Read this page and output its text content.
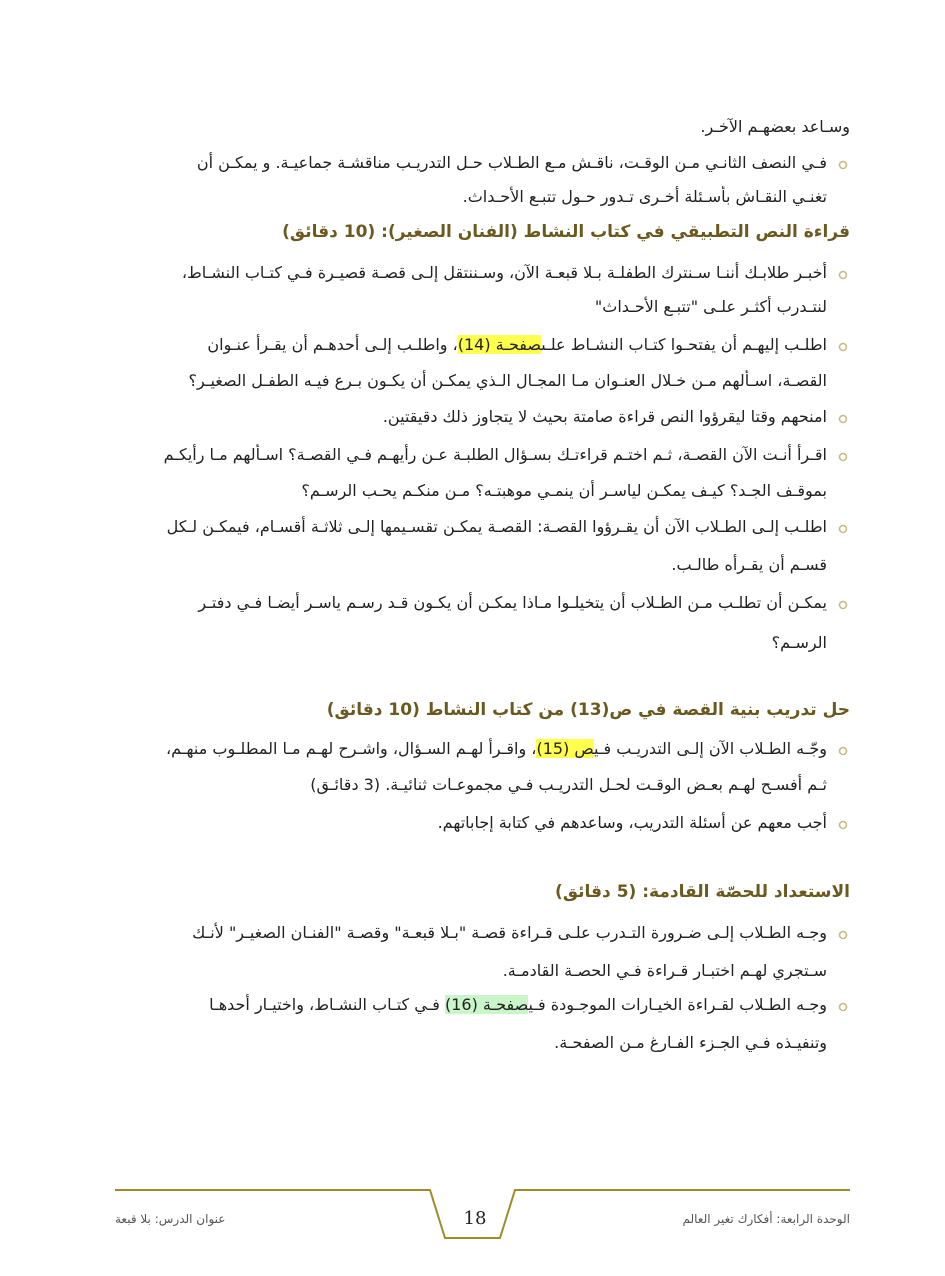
وسـاعد بعضهـم الآخـر.
فـي النصف الثانـي مـن الوقـت، ناقـش مـع الطـلاب حـل التدريـب مناقشـة جماعيـة. و يمكـن أن
تغنـي النقـاش بأسـئلة أخـرى تـدور حـول تتبـع الأحـداث.
قراءة النص التطبيقي في كتاب النشاط (الفنان الصغير): (10 دقائق)
أخبـر طلابـك أننـا سـنترك الطفلـة بـلا قبعـة الآن، وسـننتقل إلـى قصـة قصيـرة فـي كتـاب النشـاط،
لنتـدرب أكثـر علـى "تتبـع الأحـداث"
اطلـب إليهـم أن يفتحـوا كتـاب النشـاط علـىصفحـة (14)، واطلـب إلـى أحدهـم أن يقـرأ عنـوان
القصـة، اسـألهم مـن خـلال العنـوان مـا المجـال الـذي يمكـن أن يكـون بـرع فيـه الطفـل الصغيـر؟
امنحهم وقتا ليقرؤوا النص قراءة صامتة بحيث لا يتجاوز ذلك دقيقتين.
اقـرأ أنـت الآن القصـة، ثـم اختـم قراءتـك بسـؤال الطلبـة عـن رأيهـم فـي القصـة؟ اسـألهم مـا رأيكـم
بموقـف الجـد؟ كيـف يمكـن لياسـر أن ينمـي موهبتـه؟ مـن منكـم يحـب الرسـم؟
اطلـب إلـى الطـلاب الآن أن يقـرؤوا القصـة: القصـة يمكـن تقسـيمها إلـى ثلاثـة أقسـام، فيمكـن لـكل
قسـم أن يقـرأه طالـب.
يمكـن أن تطلـب مـن الطـلاب أن يتخيلـوا مـاذا يمكـن أن يكـون قـد رسـم ياسـر أيضـا فـي دفتـر
الرسـم؟
حل تدريب بنية القصة في ص(13) من كتاب النشاط (10 دقائق)
وجّـه الطـلاب الآن إلـى التدريـب فـيص (15)، واقـرأ لهـم السـؤال، واشـرح لهـم مـا المطلـوب منهـم،
ثـم أفسـح لهـم بعـض الوقـت لحـل التدريـب فـي مجموعـات ثنائيـة. (3 دقائـق)
أجب معهم عن أسئلة التدريب، وساعدهم في كتابة إجاباتهم.
الاستعداد للحصّة القادمة: (5 دقائق)
وجـه الطـلاب إلـى ضـرورة التـدرب علـى قـراءة قصـة "بـلا قبعـة" وقصـة "الفنـان الصغيـر" لأنـك
سـتجري لهـم اختبـار قـراءة فـي الحصـة القادمـة.
وجـه الطـلاب لقـراءة الخيـارات الموجـودة فـيصفحـة (16) فـي كتـاب النشـاط، واختيـار أحدهـا
وتنفيـذه فـي الجـزء الفـارغ مـن الصفحـة.
الوحدة الرابعة: أفكارك تغير العالم
18
عنوان الدرس: بلا قبعة
